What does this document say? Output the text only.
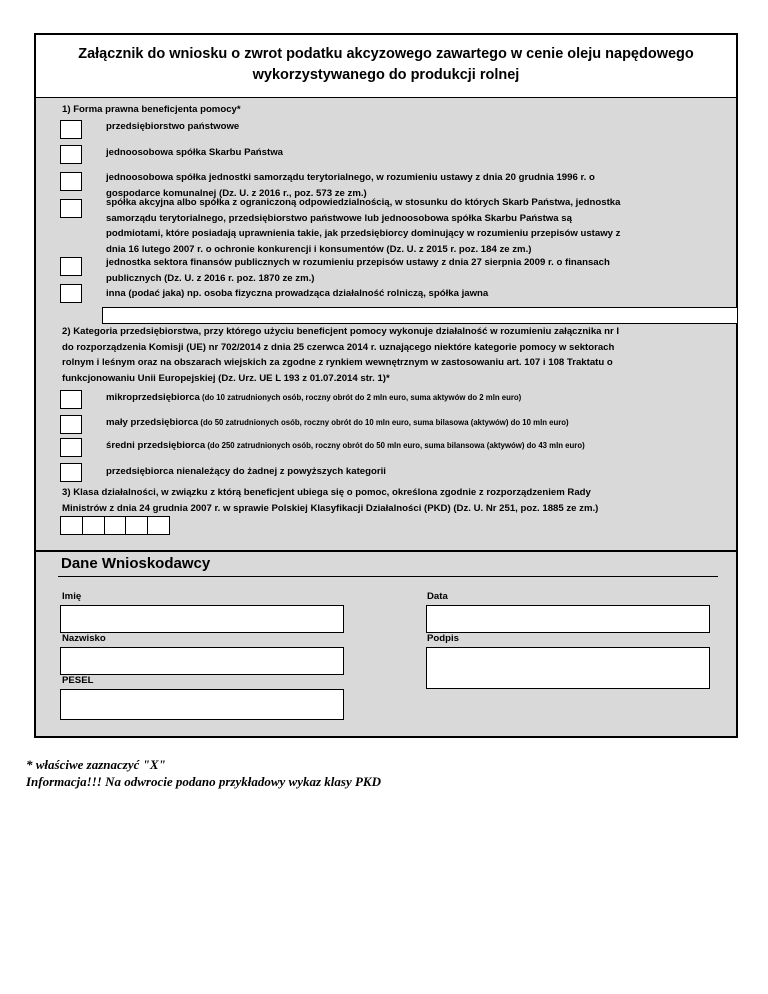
Załącznik do wniosku o zwrot podatku akcyzowego zawartego w cenie oleju napędowego
wykorzystywanego do produkcji rolnej
1) Forma prawna beneficjenta pomocy*
przedsiębiorstwo państwowe
jednoosobowa spółka Skarbu Państwa
jednoosobowa spółka jednostki samorządu terytorialnego, w rozumieniu ustawy z dnia 20 grudnia 1996 r. o
gospodarce komunalnej (Dz. U. z 2016 r., poz. 573 ze zm.)
spółka akcyjna albo spółka z ograniczoną odpowiedzialnością, w stosunku do których Skarb Państwa, jednostka
samorządu terytorialnego, przedsiębiorstwo państwowe lub jednoosobowa spółka Skarbu Państwa są
podmiotami, które posiadają uprawnienia takie, jak przedsiębiorcy dominujący w rozumieniu przepisów ustawy z
dnia 16 lutego 2007 r. o ochronie konkurencji i konsumentów (Dz. U. z 2015 r. poz. 184 ze zm.)
jednostka sektora finansów publicznych w rozumieniu przepisów ustawy z dnia 27 sierpnia 2009 r. o finansach
publicznych (Dz. U. z 2016 r. poz. 1870 ze zm.)
inna (podać jaka) np. osoba fizyczna prowadząca działalność rolniczą, spółka jawna
2) Kategoria przedsiębiorstwa, przy którego użyciu beneficjent pomocy wykonuje działalność w rozumieniu załącznika nr I
do rozporządzenia Komisji (UE) nr 702/2014 z dnia 25 czerwca 2014 r. uznającego niektóre kategorie pomocy w sektorach
rolnym i leśnym oraz na obszarach wiejskich za zgodne z rynkiem wewnętrznym w zastosowaniu art. 107 i 108 Traktatu o
funkcjonowaniu Unii Europejskiej (Dz. Urz. UE L 193 z 01.07.2014 str. 1)*
mikroprzedsiębiorca (do 10 zatrudnionych osób, roczny obrót do 2 mln euro, suma aktywów do 2 mln euro)
mały przedsiębiorca (do 50 zatrudnionych osób, roczny obrót do 10 mln euro, suma bilasowa (aktywów) do 10 mln euro)
średni przedsiębiorca (do 250 zatrudnionych osób, roczny obrót do 50 mln euro, suma bilansowa (aktywów) do 43 mln euro)
przedsiębiorca nienależący do żadnej z powyższych kategorii
3) Klasa działalności, w związku z którą beneficjent ubiega się o pomoc, określona zgodnie z rozporządzeniem Rady
Ministrów z dnia 24 grudnia 2007 r. w sprawie Polskiej Klasyfikacji Działalności (PKD) (Dz. U. Nr 251, poz. 1885 ze zm.)
Dane Wnioskodawcy
Imię	Data
Nazwisko	Podpis
PESEL
* właściwe zaznaczyć "X"
Informacja!!! Na odwrocie podano przykładowy wykaz klasy PKD
